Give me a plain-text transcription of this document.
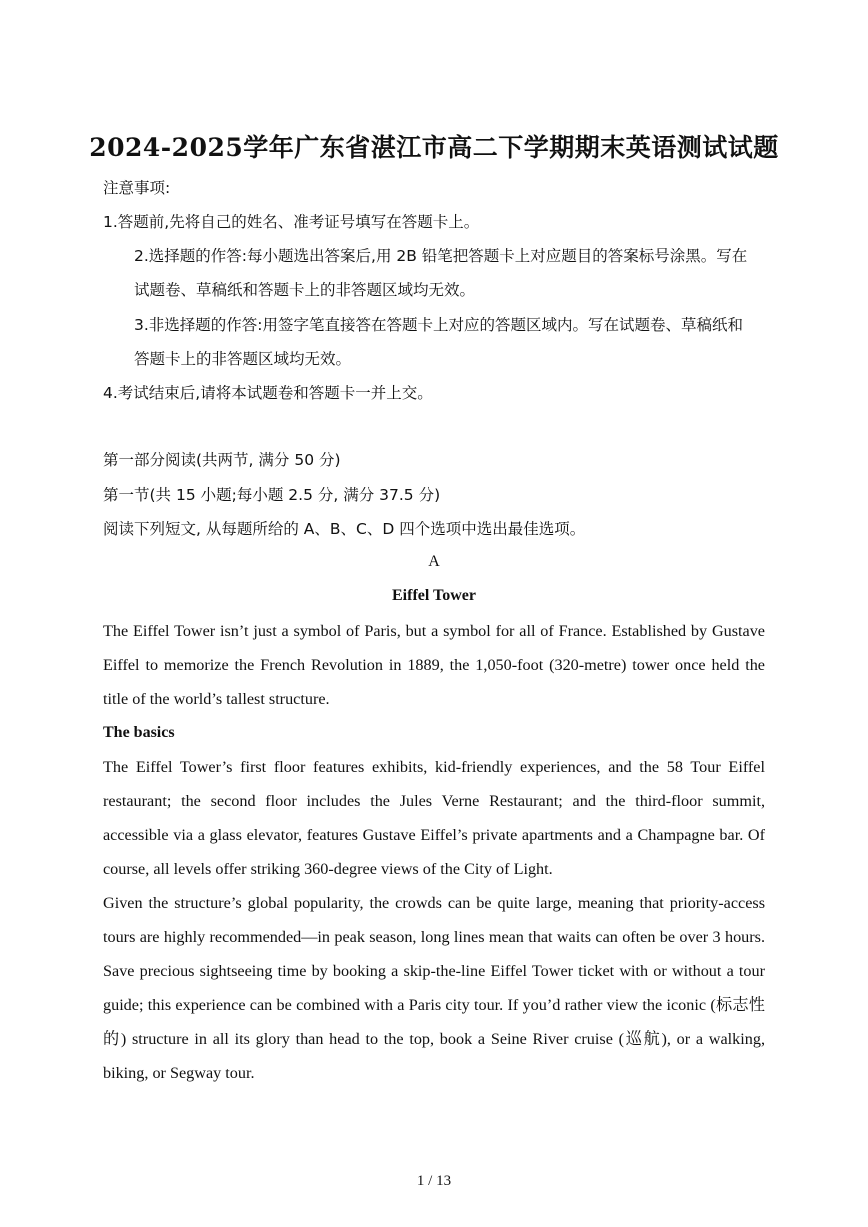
2024-2025学年广东省湛江市高二下学期期末英语测试试题
注意事项:
1.答题前,先将自己的姓名、准考证号填写在答题卡上。
2.选择题的作答:每小题选出答案后,用 2B 铅笔把答题卡上对应题目的答案标号涂黑。写在
试题卷、草稿纸和答题卡上的非答题区域均无效。
3.非选择题的作答:用签字笔直接答在答题卡上对应的答题区域内。写在试题卷、草稿纸和
答题卡上的非答题区域均无效。
4.考试结束后,请将本试题卷和答题卡一并上交。
第一部分阅读(共两节, 满分 50 分)
第一节(共 15 小题;每小题 2.5 分, 满分 37.5 分)
阅读下列短文, 从每题所给的 A、B、C、D 四个选项中选出最佳选项。
A
Eiffel Tower
The Eiffel Tower isn’t just a symbol of Paris, but a symbol for all of France. Established by Gustave Eiffel to memorize the French Revolution in 1889, the 1,050-foot (320-metre) tower once held the title of the world’s tallest structure.
The basics
The Eiffel Tower’s first floor features exhibits, kid-friendly experiences, and the 58 Tour Eiffel restaurant; the second floor includes the Jules Verne Restaurant; and the third-floor summit, accessible via a glass elevator, features Gustave Eiffel’s private apartments and a Champagne bar. Of course, all levels offer striking 360-degree views of the City of Light.
Given the structure’s global popularity, the crowds can be quite large, meaning that priority-access tours are highly recommended—in peak season, long lines mean that waits can often be over 3 hours. Save precious sightseeing time by booking a skip-the-line Eiffel Tower ticket with or without a tour guide; this experience can be combined with a Paris city tour. If you’d rather view the iconic (标志性的) structure in all its glory than head to the top, book a Seine River cruise (巡航), or a walking, biking, or Segway tour.
1 / 13
